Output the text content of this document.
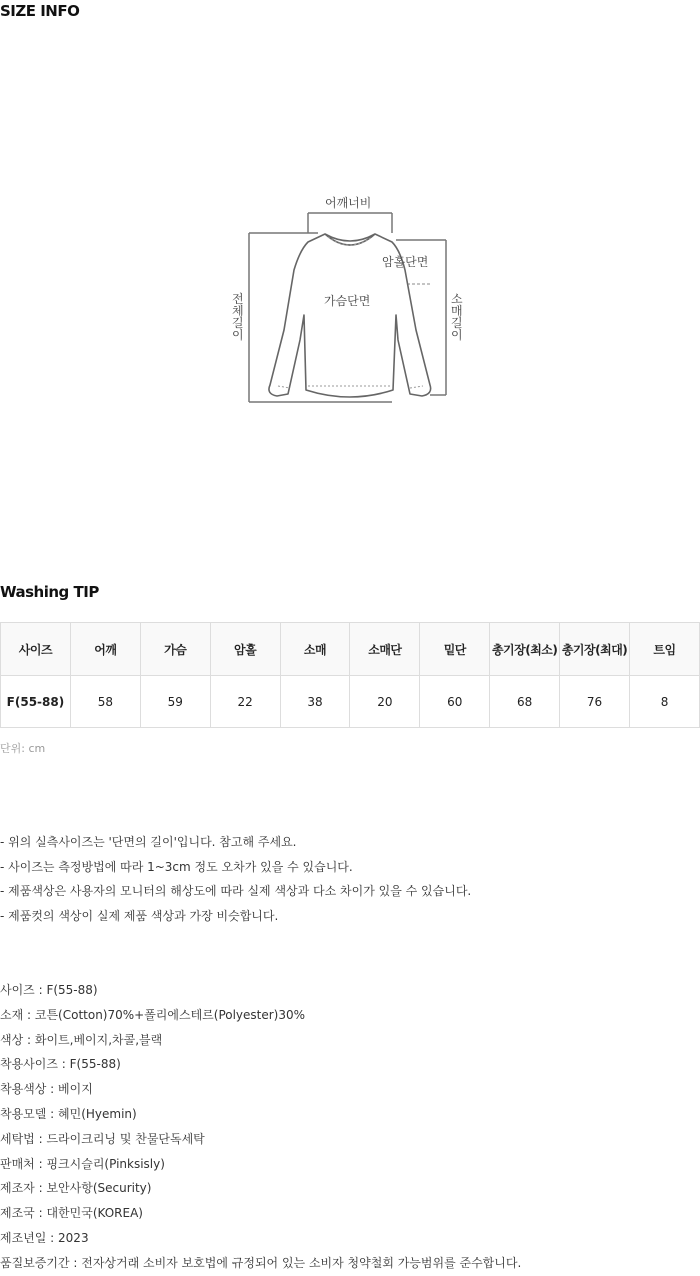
SIZE INFO
어깨너비
암홀단면
가슴단면
전
체
길
이
소
매
길
이
Washing TIP
사이즈	어깨	가슴	암홀	소매	소매단	밑단	총기장(최소)	총기장(최대)	트임
F(55-88)	58	59	22	38	20	60	68	76	8
단위: cm
- 위의 실측사이즈는 '단면의 길이'입니다. 참고해 주세요.
- 사이즈는 측정방법에 따라 1~3cm 정도 오차가 있을 수 있습니다.
- 제품색상은 사용자의 모니터의 해상도에 따라 실제 색상과 다소 차이가 있을 수 있습니다.
- 제품컷의 색상이 실제 제품 색상과 가장 비슷합니다.
사이즈 : F(55-88)
소재 : 코튼(Cotton)70%+폴리에스테르(Polyester)30%
색상 : 화이트,베이지,차콜,블랙
착용사이즈 : F(55-88)
착용색상 : 베이지
착용모델 : 혜민(Hyemin)
세탁법 : 드라이크리닝 및 찬물단독세탁
판매처 : 핑크시슬리(Pinksisly)
제조자 : 보안사항(Security)
제조국 : 대한민국(KOREA)
제조년일 : 2023
품질보증기간 : 전자상거래 소비자 보호법에 규정되어 있는 소비자 청약철회 가능범위를 준수합니다.
